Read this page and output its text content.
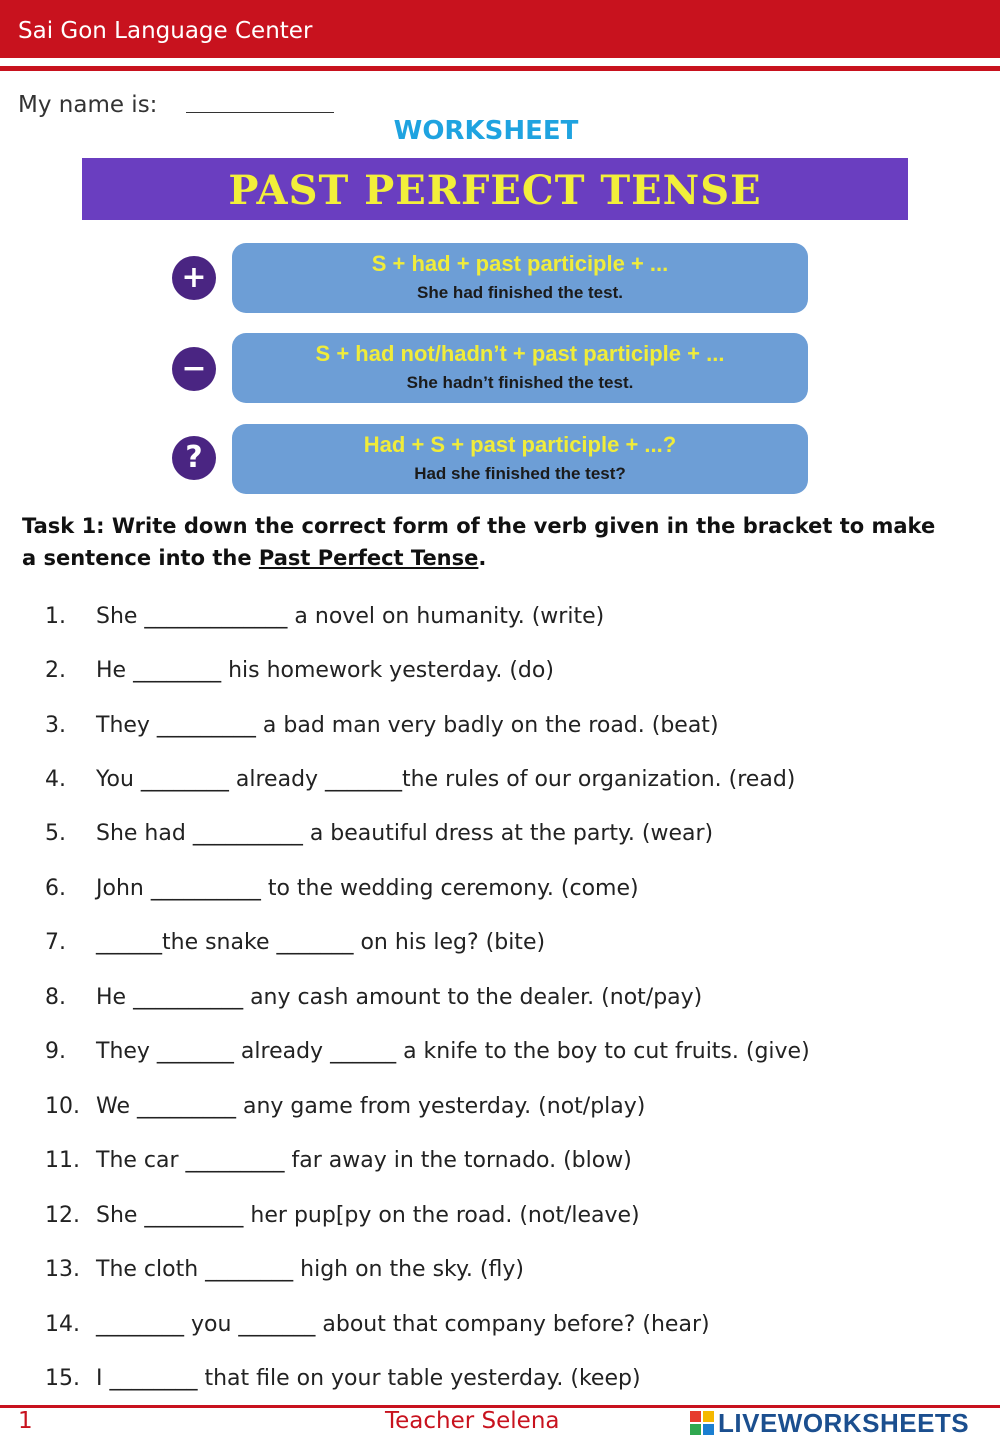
Sai Gon Language Center
My name is:
WORKSHEET
PAST PERFECT TENSE
+	S + had + past participle + ...
She had finished the test.
−	S + had not/hadn’t + past participle + ...
She hadn’t finished the test.
?	Had + S + past participle + ...?
Had she finished the test?
Task 1: Write down the correct form of the verb given in the bracket to make a sentence into the Past Perfect Tense.
1. She _____________ a novel on humanity. (write)
2. He ________ his homework yesterday. (do)
3. They _________ a bad man very badly on the road. (beat)
4. You ________ already _______the rules of our organization. (read)
5. She had __________ a beautiful dress at the party. (wear)
6. John __________ to the wedding ceremony. (come)
7. ______the snake _______ on his leg? (bite)
8. He __________ any cash amount to the dealer. (not/pay)
9. They _______ already ______ a knife to the boy to cut fruits. (give)
10. We _________ any game from yesterday. (not/play)
11. The car _________ far away in the tornado. (blow)
12. She _________ her pup[py on the road. (not/leave)
13. The cloth ________ high on the sky. (fly)
14. ________ you _______ about that company before? (hear)
15. I ________ that file on your table yesterday. (keep)
1	Teacher Selena	LIVEWORKSHEETS
